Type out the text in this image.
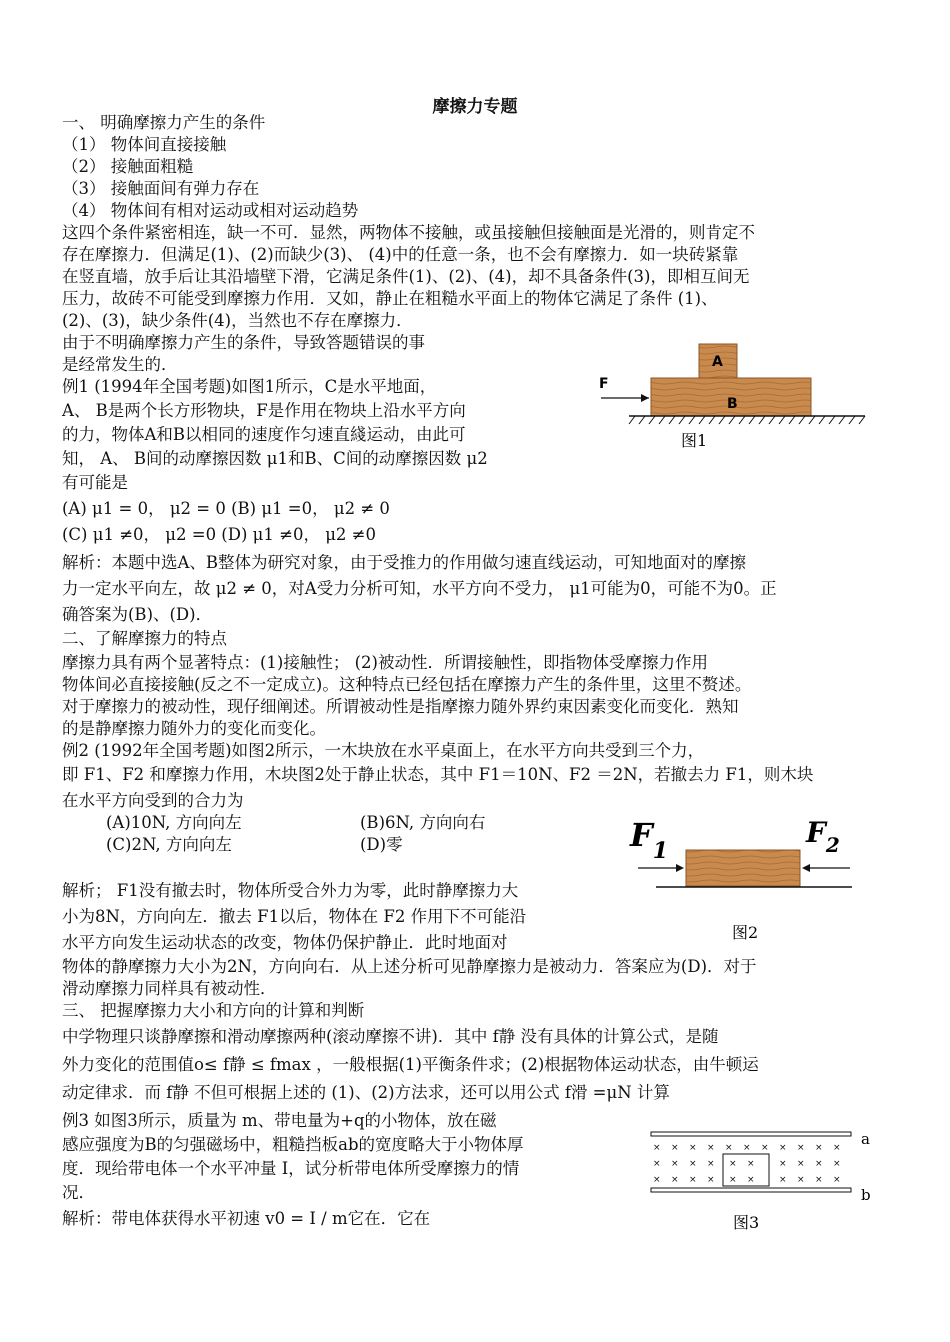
摩擦力专题
一、 明确摩擦力产生的条件
（1） 物体间直接接触
（2） 接触面粗糙
（3） 接触面间有弹力存在
（4） 物体间有相对运动或相对运动趋势
这四个条件紧密相连，缺一不可．显然，两物体不接触，或虽接触但接触面是光滑的，则肯定不
存在摩擦力．但满足(1)、(2)而缺少(3)、 (4)中的任意一条，也不会有摩擦力．如一块砖紧靠
在竖直墙，放手后让其沿墙壁下滑，它满足条件(1)、(2)、(4)，却不具备条件(3)，即相互间无
压力，故砖不可能受到摩擦力作用．又如，静止在粗糙水平面上的物体它满足了条件 (1)、
(2)、(3)，缺少条件(4)，当然也不存在摩擦力．
由于不明确摩擦力产生的条件，导致答题错误的事
是经常发生的．
例1 (1994年全国考题)如图1所示，C是水平地面，
A、 B是两个长方形物块，F是作用在物块上沿水平方向
的力，物体A和B以相同的速度作匀速直綫运动，由此可
知， A、 B间的动摩擦因数 μ1和B、C间的动摩擦因数 μ2
有可能是
(A) μ1 = 0， μ2 = 0 (B) μ1 =0， μ2 ≠ 0
(C) μ1 ≠0， μ2 =0 (D) μ1 ≠0， μ2 ≠0
解析：本题中选A、B整体为研究对象，由于受推力的作用做匀速直线运动，可知地面对的摩擦
力一定水平向左，故 μ2 ≠ 0，对A受力分析可知，水平方向不受力， μ1可能为0，可能不为0。正
确答案为(B)、(D)．
二、了解摩擦力的特点
摩擦力具有两个显著特点：(1)接触性； (2)被动性．所谓接触性，即指物体受摩擦力作用
物体间必直接接触(反之不一定成立)。这种特点已经包括在摩擦力产生的条件里，这里不赘述。
对于摩擦力的被动性，现仔细阐述。所谓被动性是指摩擦力随外界约束因素变化而变化．熟知
的是静摩擦力随外力的变化而变化。
例2 (1992年全国考题)如图2所示，一木块放在水平桌面上，在水平方向共受到三个力，
即 F1、F2 和摩擦力作用，木块图2处于静止状态，其中 F1＝10N、F2 ＝2N，若撤去力 F1，则木块
在水平方向受到的合力为
(A)10N, 方向向左	(B)6N, 方向向右
(C)2N, 方向向左	(D)零
解析； F1没有撤去时，物体所受合外力为零，此时静摩擦力大
小为8N，方向向左．撤去 F1以后，物体在 F2 作用下不可能沿
水平方向发生运动状态的改变，物体仍保护静止．此时地面对
物体的静摩擦力大小为2N，方向向右．从上述分析可见静摩擦力是被动力．答案应为(D)．对于
滑动摩擦力同样具有被动性．
三、 把握摩擦力大小和方向的计算和判断
中学物理只谈静摩擦和滑动摩擦两种(滚动摩擦不讲)．其中 f静 没有具体的计算公式，是随
外力变化的范围值o≤ f静 ≤ fmax ，一般根据(1)平衡条件求；(2)根据物体运动状态，由牛顿运
动定律求．而 f静 不但可根据上述的 (1)、(2)方法求，还可以用公式 f滑 =μN 计算
例3 如图3所示，质量为 m、带电量为+q的小物体，放在磁
感应强度为B的匀强磁场中，粗糙挡板ab的宽度略大于小物体厚
度．现给带电体一个水平冲量 I，试分析带电体所受摩擦力的情
况．
解析：带电体获得水平初速 v0 = I / m它在．它在
A
B
F
图1
$F_1$
$F_2$
图2
a
b
× × × × × × × × × × ×
× × × ×	× × × ×
× × × ×	× × × ×
× ×
× ×
图3
